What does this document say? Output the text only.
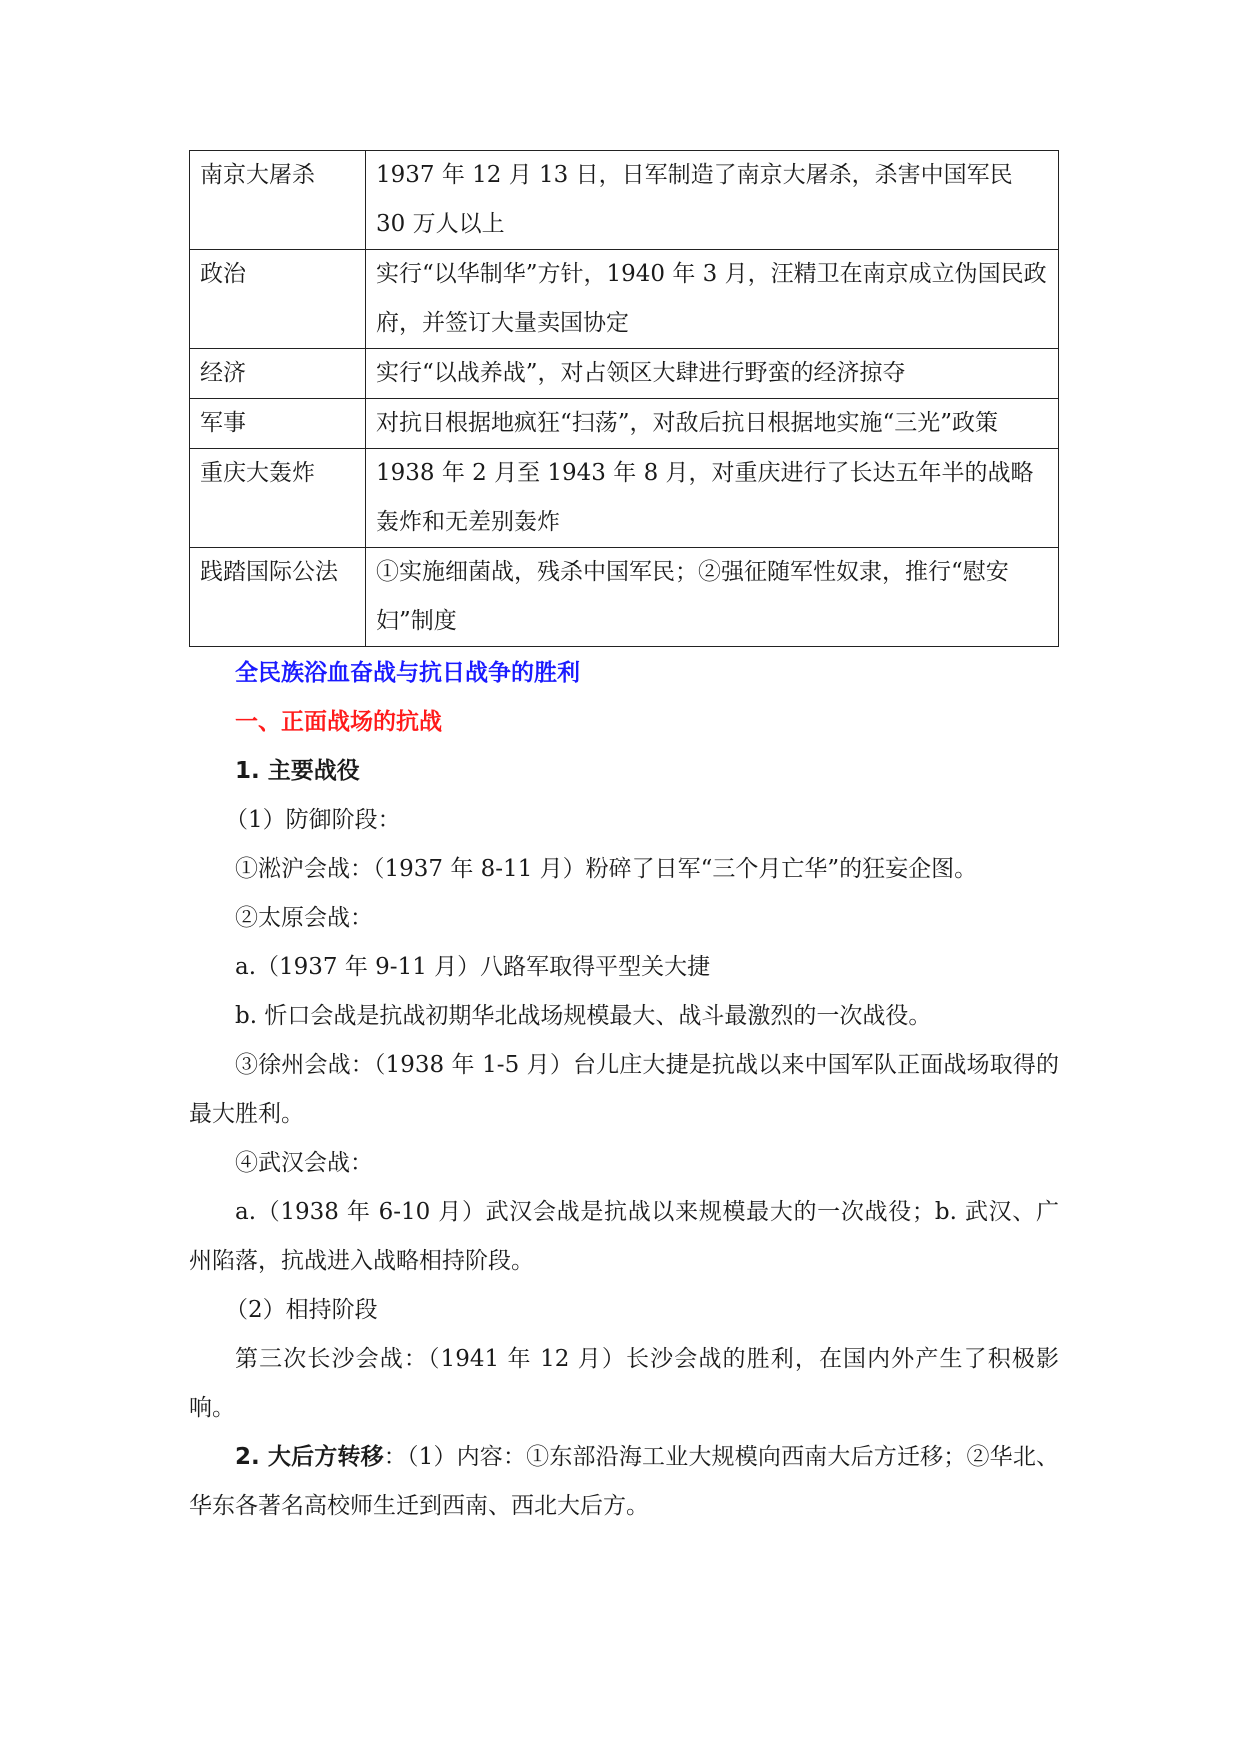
南京大屠杀	1937 年 12 月 13 日，日军制造了南京大屠杀，杀害中国军民 30 万人以上
政治	实行“以华制华”方针，1940 年 3 月，汪精卫在南京成立伪国民政府，并签订大量卖国协定
经济	实行“以战养战”，对占领区大肆进行野蛮的经济掠夺
军事	对抗日根据地疯狂“扫荡”，对敌后抗日根据地实施“三光”政策
重庆大轰炸	1938 年 2 月至 1943 年 8 月，对重庆进行了长达五年半的战略轰炸和无差别轰炸
践踏国际公法	①实施细菌战，残杀中国军民；②强征随军性奴隶，推行“慰安妇”制度
全民族浴血奋战与抗日战争的胜利
一、正面战场的抗战
1. 主要战役
（1）防御阶段：
①淞沪会战：（1937 年 8-11 月）粉碎了日军“三个月亡华”的狂妄企图。
②太原会战：
a.（1937 年 9-11 月）八路军取得平型关大捷
b. 忻口会战是抗战初期华北战场规模最大、战斗最激烈的一次战役。
③徐州会战：（1938 年 1-5 月）台儿庄大捷是抗战以来中国军队正面战场取得的最大胜利。
④武汉会战：
a.（1938 年 6-10 月）武汉会战是抗战以来规模最大的一次战役；b. 武汉、广州陷落，抗战进入战略相持阶段。
（2）相持阶段
第三次长沙会战：（1941 年 12 月）长沙会战的胜利，在国内外产生了积极影响。
2. 大后方转移：（1）内容：①东部沿海工业大规模向西南大后方迁移；②华北、华东各著名高校师生迁到西南、西北大后方。
